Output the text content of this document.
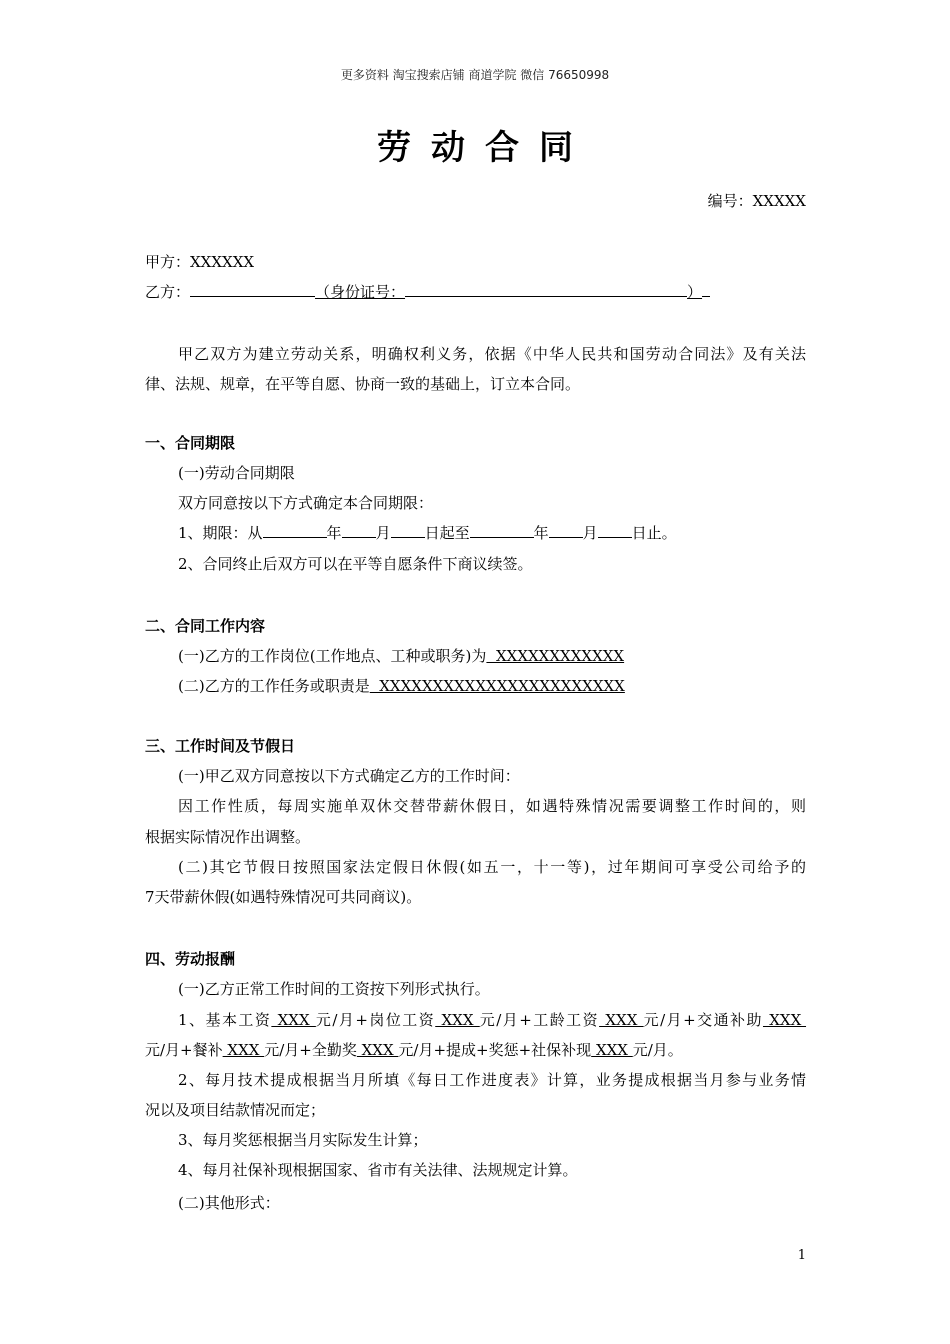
更多资料 淘宝搜索店铺 商道学院 微信 76650998
劳动合同
编号：XXXXX
甲方：XXXXXX
乙方：	（身份证号：	）
甲乙双方为建立劳动关系，明确权利义务，依据《中华人民共和国劳动合同法》及有关法
律、法规、规章，在平等自愿、协商一致的基础上，订立本合同。
一、合同期限
(一)劳动合同期限
双方同意按以下方式确定本合同期限：
1、期限：从	年 月 日起至	年 月 日止。
2、合同终止后双方可以在平等自愿条件下商议续签。
二、合同工作内容
(一)乙方的工作岗位(工作地点、工种或职务)为  XXXXXXXXXXXX
(二)乙方的工作任务或职责是  XXXXXXXXXXXXXXXXXXXXXXX
三、工作时间及节假日
(一)甲乙双方同意按以下方式确定乙方的工作时间：
因工作性质，每周实施单双休交替带薪休假日，如遇特殊情况需要调整工作时间的，则
根据实际情况作出调整。
(二)其它节假日按照国家法定假日休假(如五一，十一等)，过年期间可享受公司给予的
7天带薪休假(如遇特殊情况可共同商议)。
四、劳动报酬
(一)乙方正常工作时间的工资按下列形式执行。
1、基本工资 XXX 元/月+岗位工资 XXX 元/月+工龄工资 XXX 元/月+交通补助 XXX
元/月+餐补 XXX 元/月+全勤奖 XXX 元/月+提成+奖惩+社保补现 XXX 元/月。
2、每月技术提成根据当月所填《每日工作进度表》计算，业务提成根据当月参与业务情
况以及项目结款情况而定；
3、每月奖惩根据当月实际发生计算；
4、每月社保补现根据国家、省市有关法律、法规规定计算。
(二)其他形式：
1
